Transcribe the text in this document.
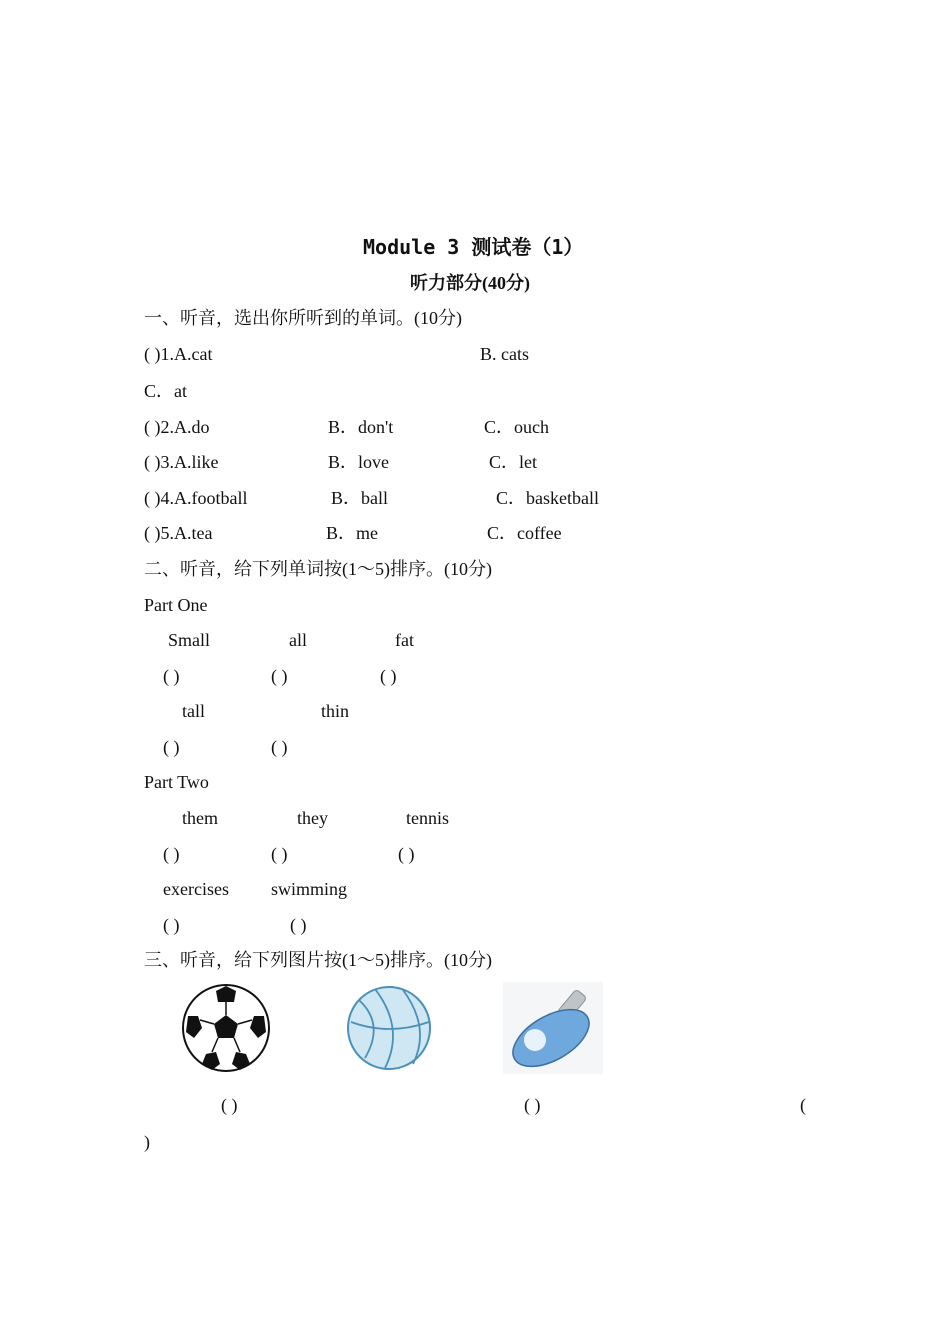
Module 3 测试卷（1）
听力部分(40分)
一、听音，选出你所听到的单词。(10分)
( )1.A.cat	B. cats
C．at
( )2.A.do	B．don't	C．ouch
( )3.A.like	B．love	C．let
( )4.A.football	B．ball	C．basketball
( )5.A.tea	B．me	C．coffee
二、听音，给下列单词按(1～5)排序。(10分)
Part One
Small	all	fat
( )	( )	( )
tall	thin
( )	( )
Part Two
them	they	tennis
( )	( )	( )
exercises swimming
( )	( )
三、听音，给下列图片按(1～5)排序。(10分)
( )	( )	(
)
